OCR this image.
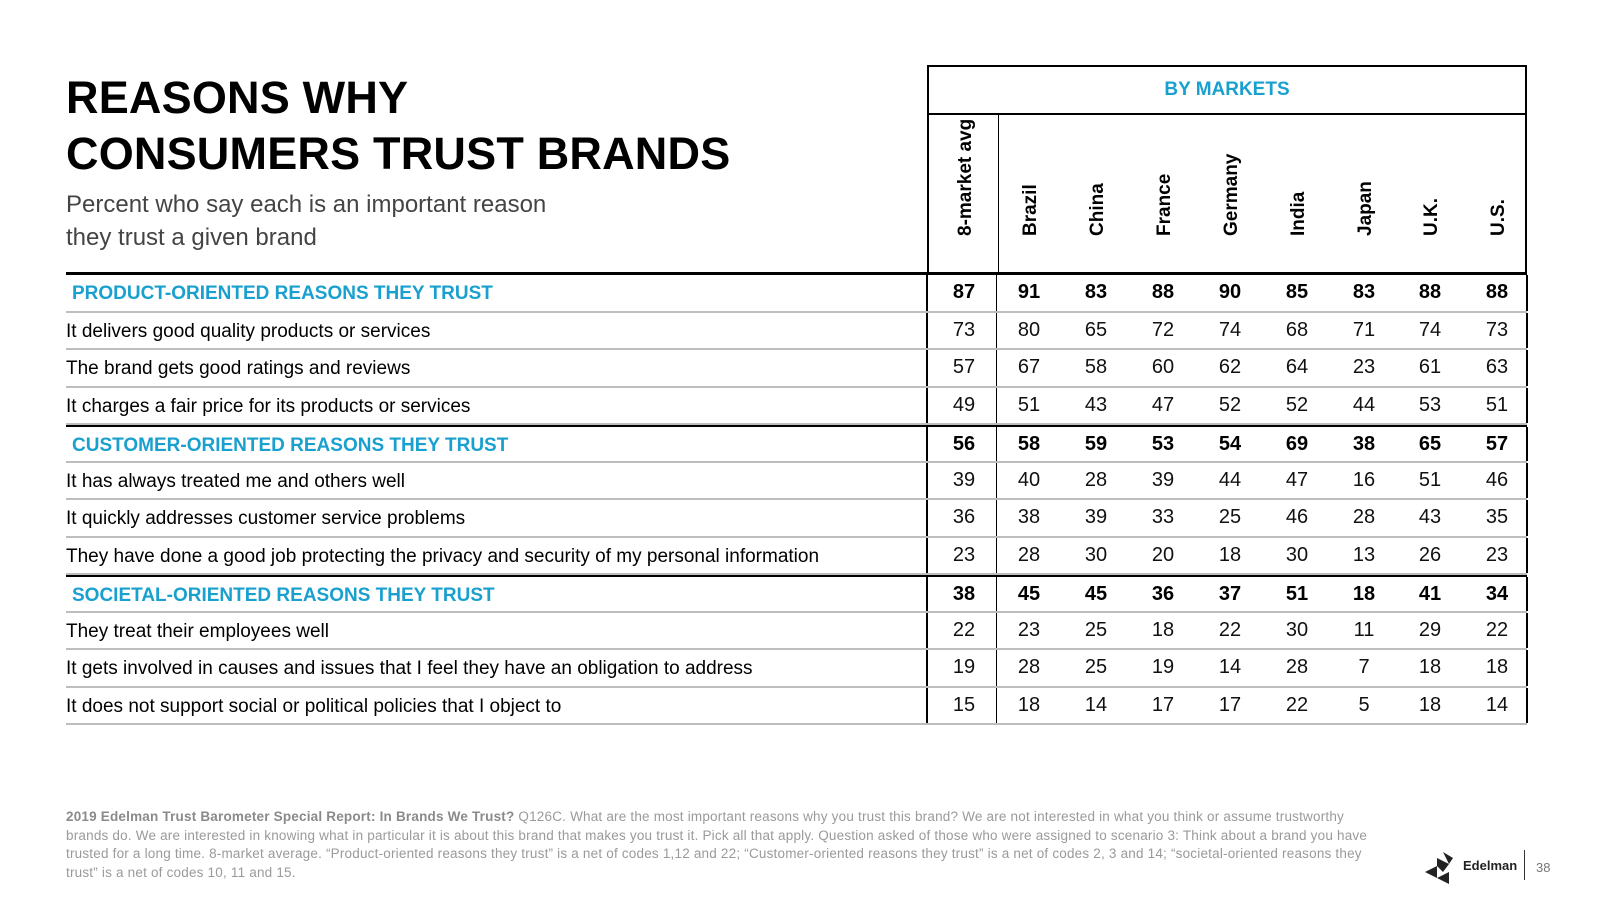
REASONS WHY
CONSUMERS TRUST BRANDS
Percent who say each is an important reason
they trust a given brand
BY MARKETS
8-market avg Brazil China France Germany India Japan U.K. U.S.
PRODUCT-ORIENTED REASONS THEY TRUST	87	91	83	88	90	85	83	88	88
It delivers good quality products or services	73	80	65	72	74	68	71	74	73
The brand gets good ratings and reviews	57	67	58	60	62	64	23	61	63
It charges a fair price for its products or services	49	51	43	47	52	52	44	53	51
CUSTOMER-ORIENTED REASONS THEY TRUST	56	58	59	53	54	69	38	65	57
It has always treated me and others well	39	40	28	39	44	47	16	51	46
It quickly addresses customer service problems	36	38	39	33	25	46	28	43	35
They have done a good job protecting the privacy and security of my personal information	23	28	30	20	18	30	13	26	23
SOCIETAL-ORIENTED REASONS THEY TRUST	38	45	45	36	37	51	18	41	34
They treat their employees well	22	23	25	18	22	30	11	29	22
It gets involved in causes and issues that I feel they have an obligation to address	19	28	25	19	14	28	7	18	18
It does not support social or political policies that I object to	15	18	14	17	17	22	5	18	14
2019 Edelman Trust Barometer Special Report: In Brands We Trust? Q126C. What are the most important reasons why you trust this brand? We are not interested in what you think or assume trustworthy brands do. We are interested in knowing what in particular it is about this brand that makes you trust it. Pick all that apply. Question asked of those who were assigned to scenario 3: Think about a brand you have trusted for a long time. 8-market average. “Product-oriented reasons they trust” is a net of codes 1,12 and 22; “Customer-oriented reasons they trust” is a net of codes 2, 3 and 14; “societal-oriented reasons they trust” is a net of codes 10, 11 and 15.	Edelman 38
